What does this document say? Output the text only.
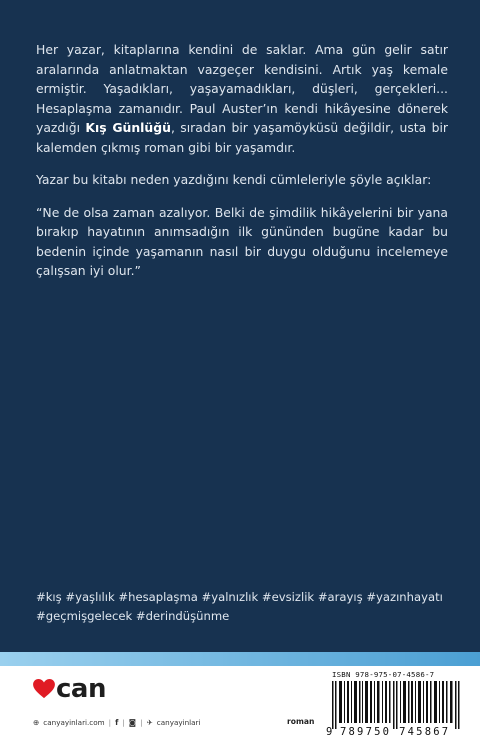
Her yazar, kitaplarına kendini de saklar. Ama gün gelir satır aralarında anlatmaktan vazgeçer kendisini. Artık yaş kemale ermiştir. Yaşadıkları, yaşayamadıkları, düşleri, gerçekleri... Hesaplaşma zamanıdır. Paul Auster’ın kendi hikâyesine dönerek yazdığı Kış Günlüğü, sıradan bir yaşamöyküsü değildir, usta bir kalemden çıkmış roman gibi bir yaşamdır.

Yazar bu kitabı neden yazdığını kendi cümleleriyle şöyle açıklar:

“Ne de olsa zaman azalıyor. Belki de şimdilik hikâyelerini bir yana bırakıp hayatının anımsadığın ilk gününden bugüne kadar bu bedenin içinde yaşamanın nasıl bir duygu olduğunu incelemeye çalışsan iyi olur.”

#kış #yaşlılık #hesaplaşma #yalnızlık #evsizlik #arayış #yazınhayatı
#geçmişgelecek #derindüşünme
can
⊕ canyayinlari.com | f | ◙ | ✈ canyayinlari	roman
ISBN 978-975-07-4586-7
9 789750 745867
